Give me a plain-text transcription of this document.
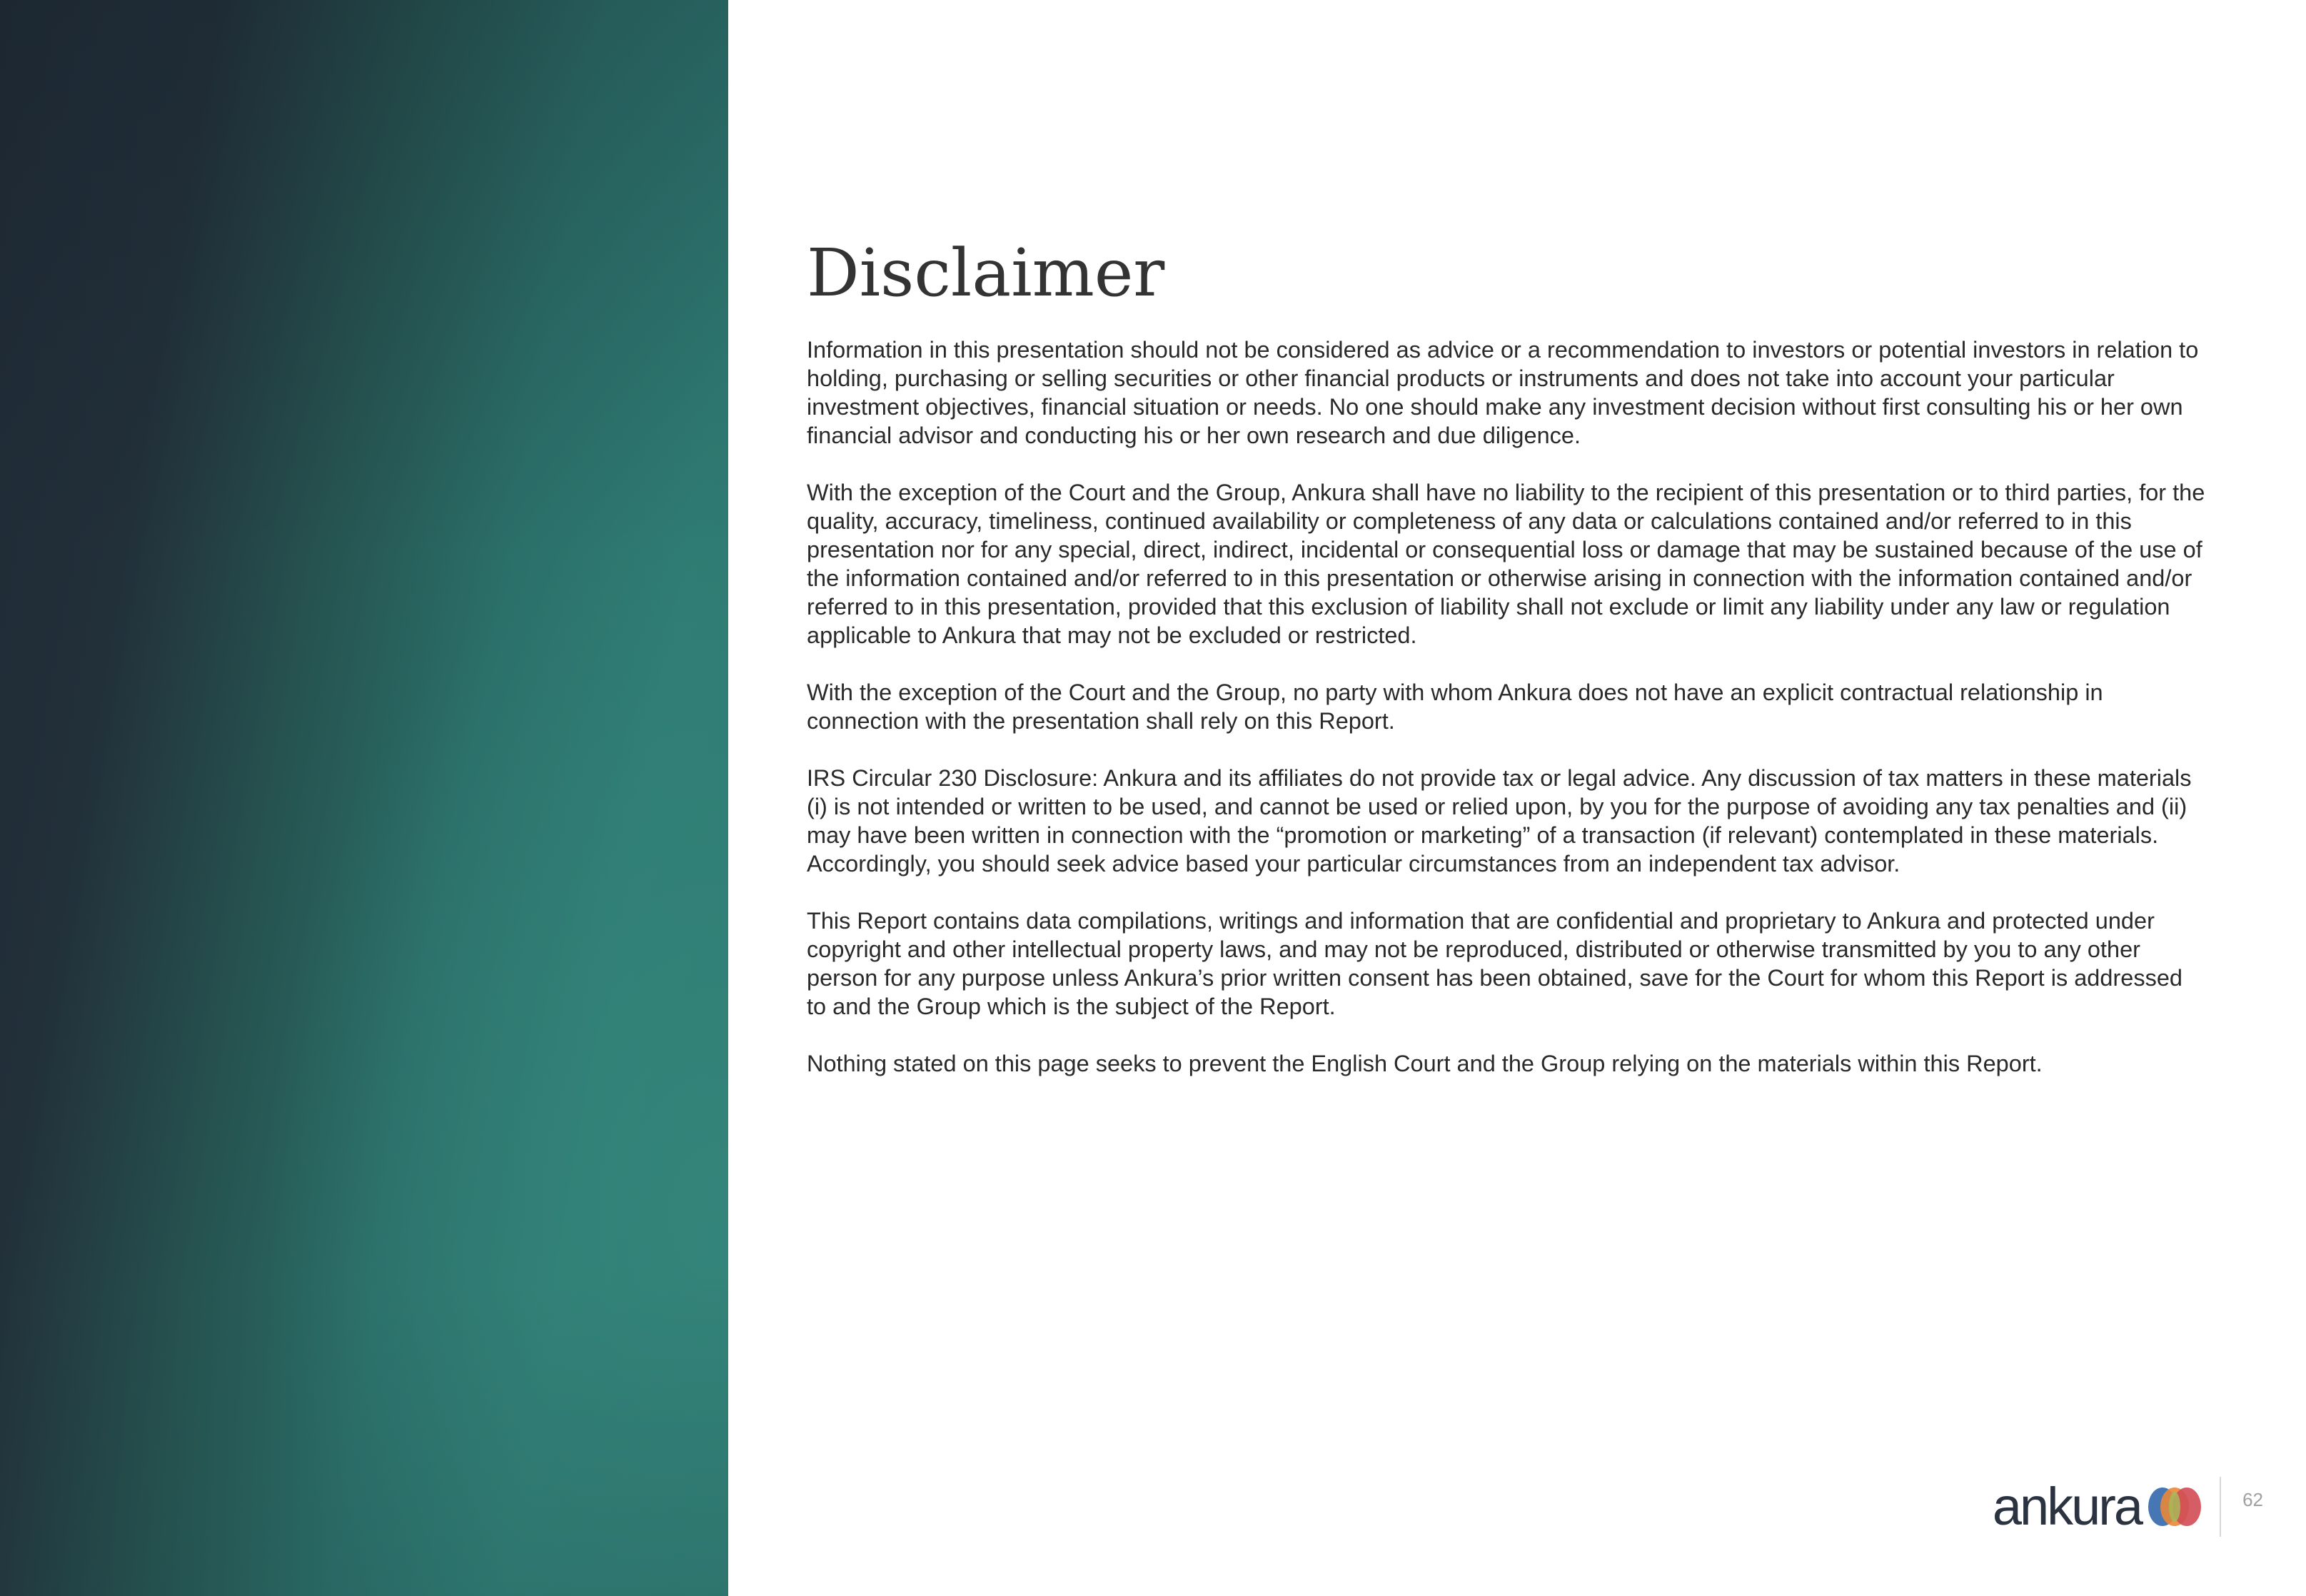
Disclaimer

Information in this presentation should not be considered as advice or a recommendation to investors or potential investors in relation to holding, purchasing or selling securities or other financial products or instruments and does not take into account your particular investment objectives, financial situation or needs. No one should make any investment decision without first consulting his or her own financial advisor and conducting his or her own research and due diligence.

With the exception of the Court and the Group, Ankura shall have no liability to the recipient of this presentation or to third parties, for the quality, accuracy, timeliness, continued availability or completeness of any data or calculations contained and/or referred to in this presentation nor for any special, direct, indirect, incidental or consequential loss or damage that may be sustained because of the use of the information contained and/or referred to in this presentation or otherwise arising in connection with the information contained and/or referred to in this presentation, provided that this exclusion of liability shall not exclude or limit any liability under any law or regulation applicable to Ankura that may not be excluded or restricted.

With the exception of the Court and the Group, no party with whom Ankura does not have an explicit contractual relationship in connection with the presentation shall rely on this Report.

IRS Circular 230 Disclosure: Ankura and its affiliates do not provide tax or legal advice. Any discussion of tax matters in these materials (i) is not intended or written to be used, and cannot be used or relied upon, by you for the purpose of avoiding any tax penalties and (ii) may have been written in connection with the “promotion or marketing” of a transaction (if relevant) contemplated in these materials. Accordingly, you should seek advice based your particular circumstances from an independent tax advisor.

This Report contains data compilations, writings and information that are confidential and proprietary to Ankura and protected under copyright and other intellectual property laws, and may not be reproduced, distributed or otherwise transmitted by you to any other person for any purpose unless Ankura’s prior written consent has been obtained, save for the Court for whom this Report is addressed to and the Group which is the subject of the Report.

Nothing stated on this page seeks to prevent the English Court and the Group relying on the materials within this Report.

ankura	62
